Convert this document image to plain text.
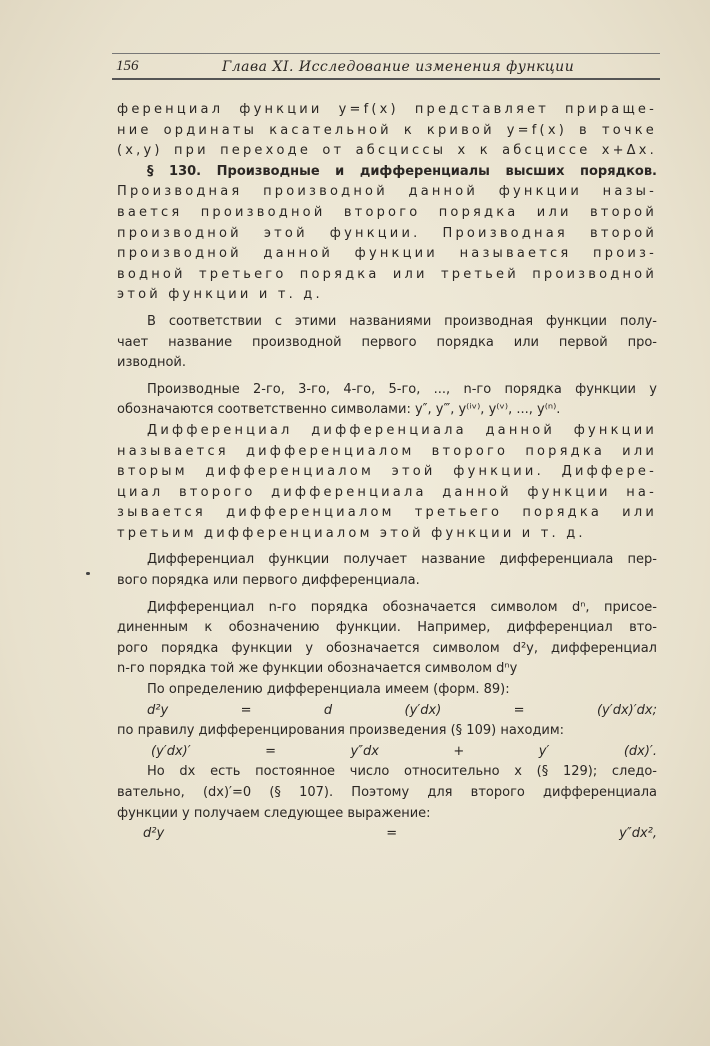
156	Глава XI. Исследование изменения функции

ференциал функции y=f(x) представляет прираще-

ние ординаты касательной к кривой y=f(x) в точке

(x,y) при переходе от абсциссы x к абсциссе x+Δx.

§ 130. Производные и дифференциалы высших порядков.

Производная производной данной функции назы-

вается производной второго порядка или второй

производной этой функции. Производная второй

производной данной функции называется произ-

водной третьего порядка или третьей производной

этой функции и т. д.

В соответствии с этими названиями производная функции полу-

чает название производной первого порядка или первой про-

изводной.

Производные 2-го, 3-го, 4-го, 5-го, ..., n-го порядка функции y

обозначаются соответственно символами: y″, y‴, y⁽ⁱᵛ⁾, y⁽ᵛ⁾, ..., y⁽ⁿ⁾.

Дифференциал дифференциала данной функции

называется дифференциалом второго порядка или

вторым дифференциалом этой функции. Диффере-

циал второго дифференциала данной функции на-

зывается дифференциалом третьего порядка или

третьим дифференциалом этой функции и т. д.

Дифференциал функции получает название дифференциала пер-

вого порядка или первого дифференциала.

Дифференциал n-го порядка обозначается символом dⁿ, присое-

диненным к обозначению функции. Например, дифференциал вто-

рого порядка функции y обозначается символом d²y, дифференциал

n-го порядка той же функции обозначается символом dⁿy

По определению дифференциала имеем (форм. 89):

d²y = d (y′dx) = (y′dx)′dx;

по правилу дифференцирования произведения (§ 109) находим:

(y′dx)′ = y″dx + y′ (dx)′.

Но dx есть постоянное число относительно x (§ 129); следо-

вательно, (dx)′=0 (§ 107). Поэтому для второго дифференциала

функции y получаем следующее выражение:

d²y = y″dx²,
